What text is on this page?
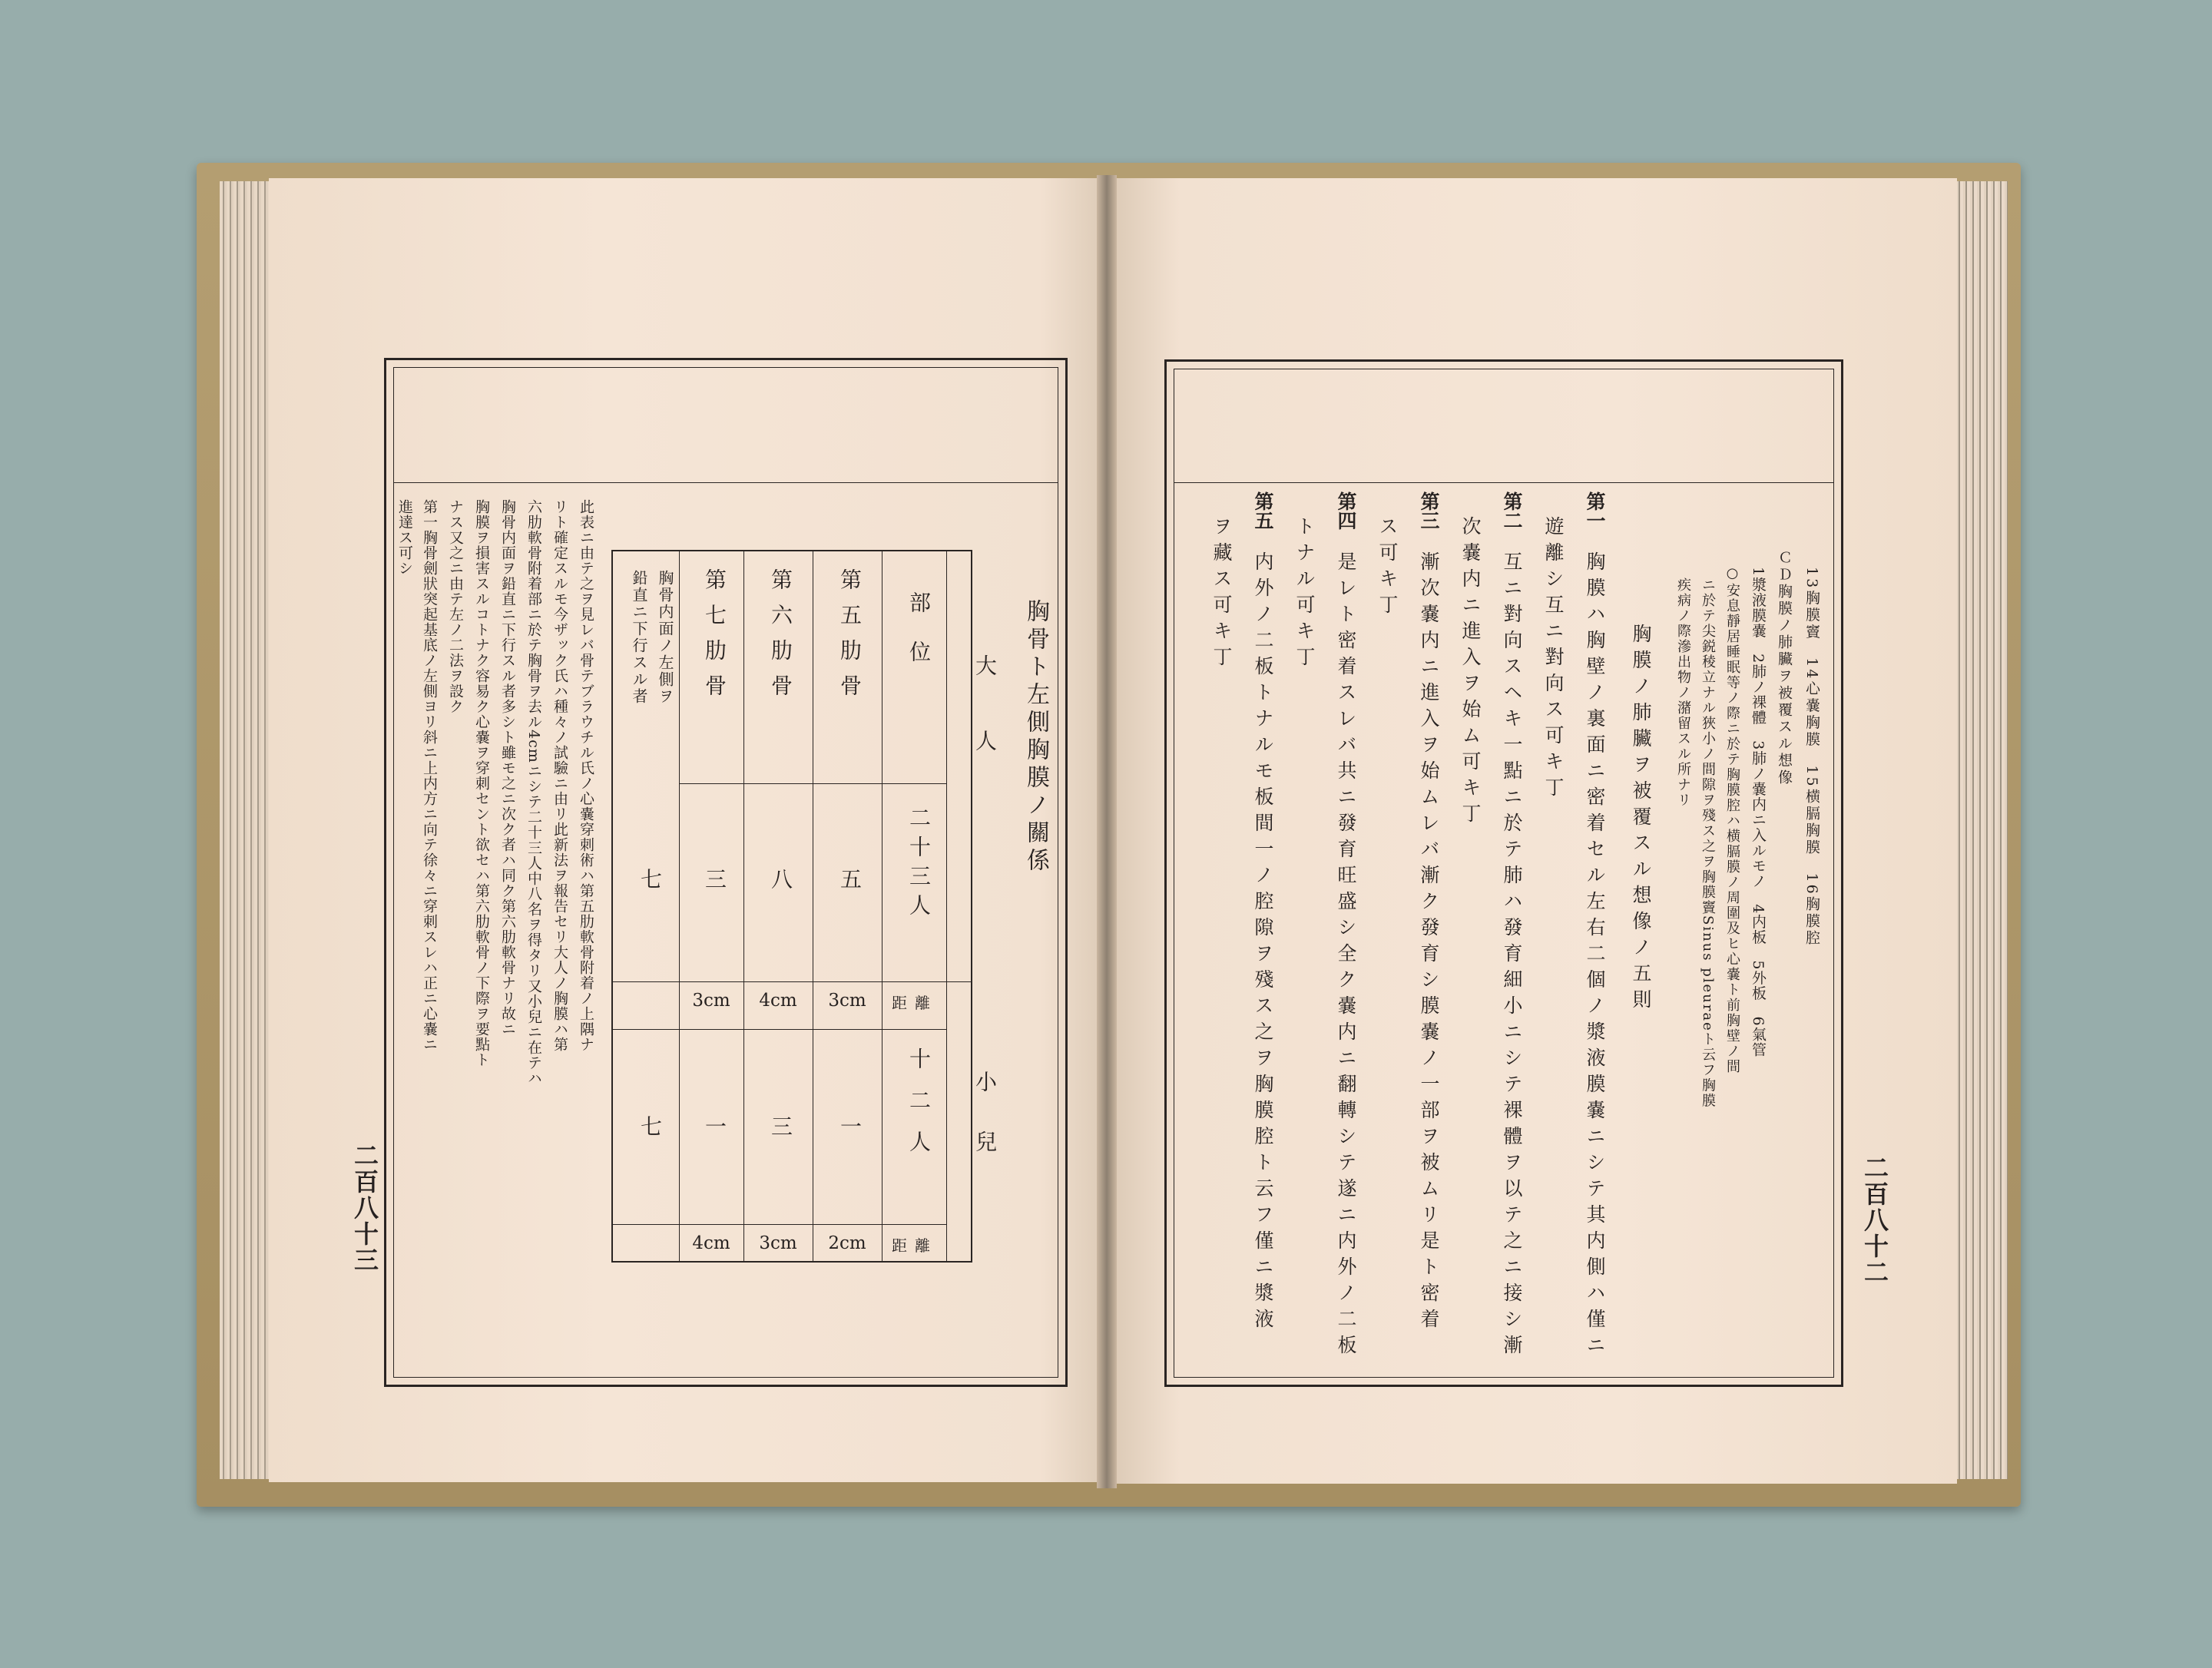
胸骨ト左側胸膜ノ關係
大人
小兒
部位
二十三人
十二人
距離
距離
第五肋骨
第六肋骨
第七肋骨
五
八
三
3cm
4cm
3cm
一
三
一
2cm
3cm
4cm
胸骨内面ノ左側ヲ
鉛直ニ下行スル者
七
七
此表ニ由テ之ヲ見レバ骨テブラウチル氏ノ心嚢穿刺術ハ第五肋軟骨附着ノ上隅ナ
リト確定スルモ今ザック氏ハ種々ノ試驗ニ由リ此新法ヲ報告セリ大人ノ胸膜ハ第
六肋軟骨附着部ニ於テ胸骨ヲ去ル4cmニシテ二十三人中八名ヲ得タリ又小兒ニ在テハ
胸骨内面ヲ鉛直ニ下行スル者多シト雖モ之ニ次ク者ハ同ク第六肋軟骨ナリ故ニ
胸膜ヲ損害スルコトナク容易ク心嚢ヲ穿刺セント欲セハ第六肋軟骨ノ下際ヲ要點ト
ナス又之ニ由テ左ノ二法ヲ設ク
第一胸骨劍狀突起基底ノ左側ヨリ斜ニ上内方ニ向テ徐々ニ穿刺スレハ正ニ心嚢ニ
進達ス可シ
二百八十三
13胸膜竇　14心嚢胸膜　15横膈胸膜　16胸膜腔
ＣＤ胸膜ノ肺臟ヲ被覆スル想像
1漿液膜嚢　2肺ノ裸體　3肺ノ嚢内ニ入ルモノ　4内板　5外板　6氣管
○安息靜居睡眠等ノ際ニ於テ胸膜腔ハ横膈膜ノ周圍及ヒ心嚢ト前胸壁ノ間
ニ於テ尖鋭稜立ナル狹小ノ間隙ヲ殘ス之ヲ胸膜竇Sinus pleuraeト云フ胸膜
疾病ノ際滲出物ノ潴留スル所ナリ
胸膜ノ肺臟ヲ被覆スル想像ノ五則
第一
胸膜ハ胸壁ノ裏面ニ密着セル左右二個ノ漿液膜嚢ニシテ其内側ハ僅ニ
遊離シ互ニ對向ス可キ丁
第二
互ニ對向スヘキ一點ニ於テ肺ハ發育細小ニシテ裸體ヲ以テ之ニ接シ漸
次嚢内ニ進入ヲ始ム可キ丁
第三
漸次嚢内ニ進入ヲ始ムレバ漸ク發育シ膜嚢ノ一部ヲ被ムリ是ト密着
ス可キ丁
第四
是レト密着スレバ共ニ發育旺盛シ全ク嚢内ニ翻轉シテ遂ニ内外ノ二板
トナル可キ丁
第五
内外ノ二板トナルモ板間一ノ腔隙ヲ殘ス之ヲ胸膜腔ト云フ僅ニ漿液
ヲ藏ス可キ丁
二百八十二
